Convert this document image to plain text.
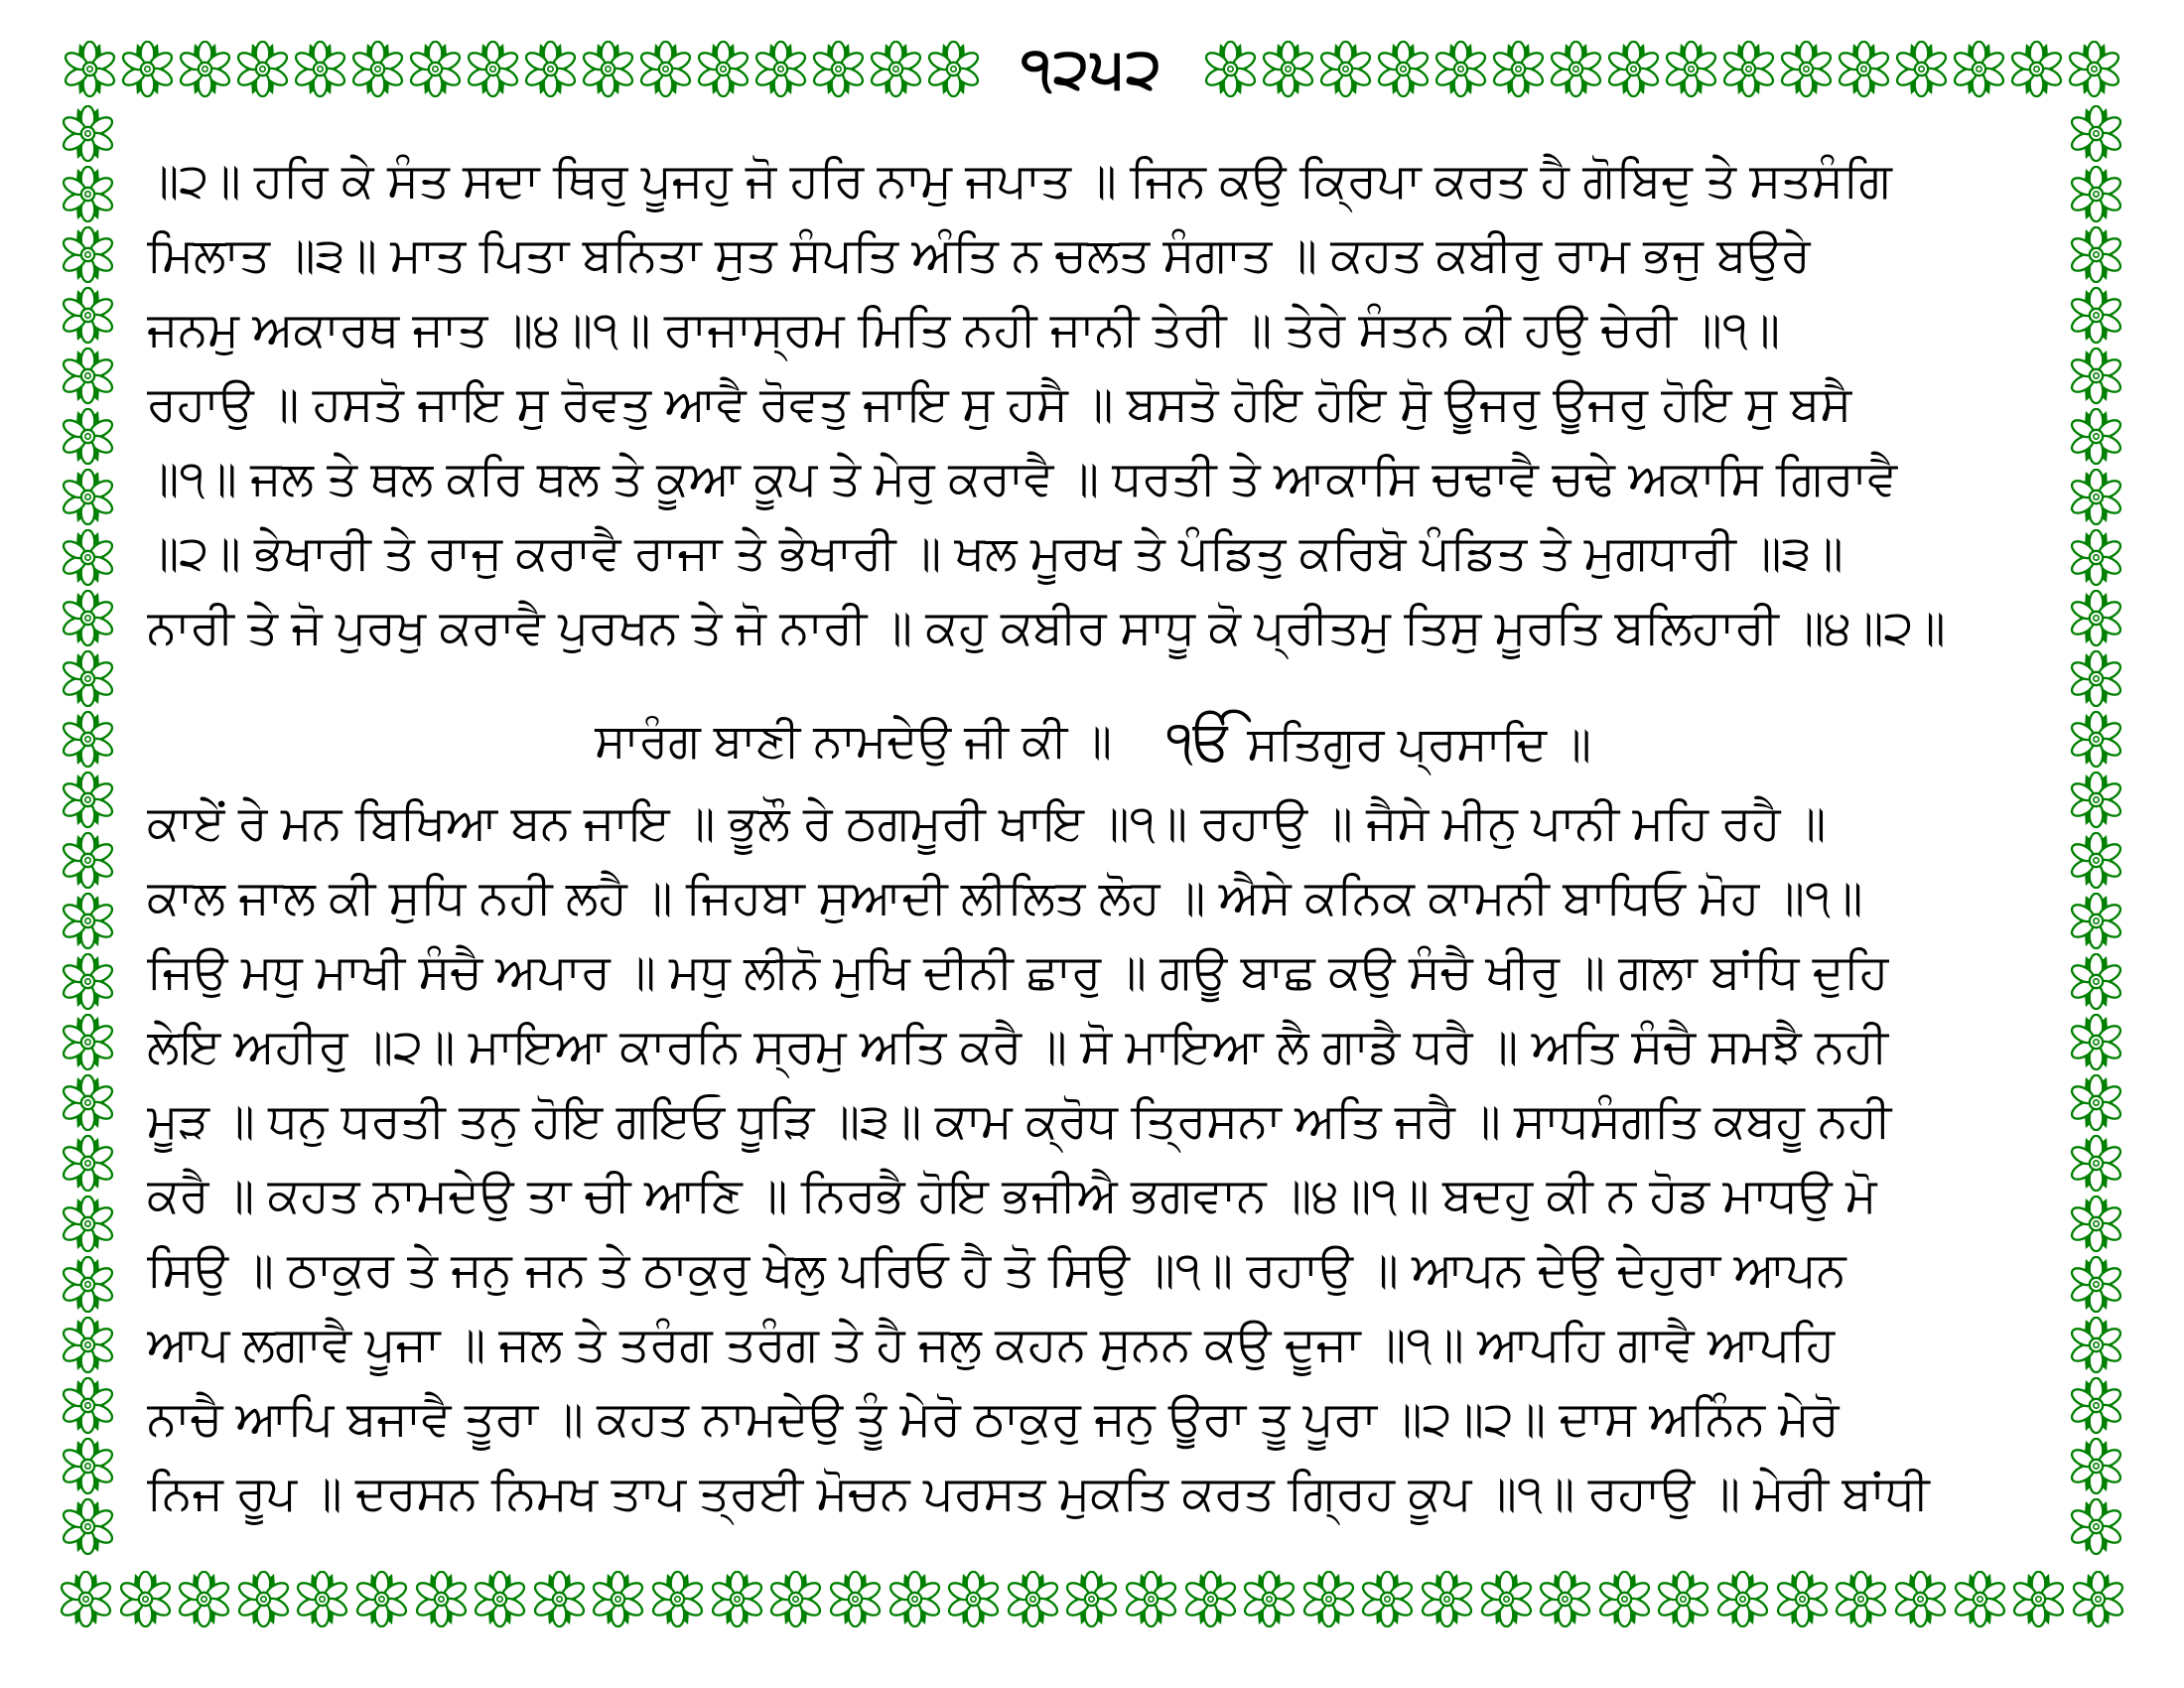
੧੨੫੨
॥੨॥ ਹਰਿ ਕੇ ਸੰਤ ਸਦਾ ਥਿਰੁ ਪੂਜਹੁ ਜੋ ਹਰਿ ਨਾਮੁ ਜਪਾਤ ॥ ਜਿਨ ਕਉ ਕ੍ਰਿਪਾ ਕਰਤ ਹੈ ਗੋਬਿਦੁ ਤੇ ਸਤਸੰਗਿ
ਮਿਲਾਤ ॥੩॥ ਮਾਤ ਪਿਤਾ ਬਨਿਤਾ ਸੁਤ ਸੰਪਤਿ ਅੰਤਿ ਨ ਚਲਤ ਸੰਗਾਤ ॥ ਕਹਤ ਕਬੀਰੁ ਰਾਮ ਭਜੁ ਬਉਰੇ
ਜਨਮੁ ਅਕਾਰਥ ਜਾਤ ॥੪॥੧॥ ਰਾਜਾਸ੍ਰਮ ਮਿਤਿ ਨਹੀ ਜਾਨੀ ਤੇਰੀ ॥ ਤੇਰੇ ਸੰਤਨ ਕੀ ਹਉ ਚੇਰੀ ॥੧॥
ਰਹਾਉ ॥ ਹਸਤੋ ਜਾਇ ਸੁ ਰੋਵਤੁ ਆਵੈ ਰੋਵਤੁ ਜਾਇ ਸੁ ਹਸੈ ॥ ਬਸਤੋ ਹੋਇ ਹੋਇ ਸੋੁ ਊਜਰੁ ਊਜਰੁ ਹੋਇ ਸੁ ਬਸੈ
॥੧॥ ਜਲ ਤੇ ਥਲ ਕਰਿ ਥਲ ਤੇ ਕੂਆ ਕੂਪ ਤੇ ਮੇਰੁ ਕਰਾਵੈ ॥ ਧਰਤੀ ਤੇ ਆਕਾਸਿ ਚਢਾਵੈ ਚਢੇ ਅਕਾਸਿ ਗਿਰਾਵੈ
॥੨॥ ਭੇਖਾਰੀ ਤੇ ਰਾਜੁ ਕਰਾਵੈ ਰਾਜਾ ਤੇ ਭੇਖਾਰੀ ॥ ਖਲ ਮੂਰਖ ਤੇ ਪੰਡਿਤੁ ਕਰਿਬੋ ਪੰਡਿਤ ਤੇ ਮੁਗਧਾਰੀ ॥੩॥
ਨਾਰੀ ਤੇ ਜੋ ਪੁਰਖੁ ਕਰਾਵੈ ਪੁਰਖਨ ਤੇ ਜੋ ਨਾਰੀ ॥ ਕਹੁ ਕਬੀਰ ਸਾਧੂ ਕੋ ਪ੍ਰੀਤਮੁ ਤਿਸੁ ਮੂਰਤਿ ਬਲਿਹਾਰੀ ॥੪॥੨॥
ਸਾਰੰਗ ਬਾਣੀ ਨਾਮਦੇਉ ਜੀ ਕੀ ॥ ੴ ਸਤਿਗੁਰ ਪ੍ਰਸਾਦਿ ॥
ਕਾਏਂ ਰੇ ਮਨ ਬਿਖਿਆ ਬਨ ਜਾਇ ॥ ਭੂਲੌ ਰੇ ਠਗਮੂਰੀ ਖਾਇ ॥੧॥ ਰਹਾਉ ॥ ਜੈਸੇ ਮੀਨੁ ਪਾਨੀ ਮਹਿ ਰਹੈ ॥
ਕਾਲ ਜਾਲ ਕੀ ਸੁਧਿ ਨਹੀ ਲਹੈ ॥ ਜਿਹਬਾ ਸੁਆਦੀ ਲੀਲਿਤ ਲੋਹ ॥ ਐਸੇ ਕਨਿਕ ਕਾਮਨੀ ਬਾਧਿਓ ਮੋਹ ॥੧॥
ਜਿਉ ਮਧੁ ਮਾਖੀ ਸੰਚੈ ਅਪਾਰ ॥ ਮਧੁ ਲੀਨੋ ਮੁਖਿ ਦੀਨੀ ਛਾਰੁ ॥ ਗਊ ਬਾਛ ਕਉ ਸੰਚੈ ਖੀਰੁ ॥ ਗਲਾ ਬਾਂਧਿ ਦੁਹਿ
ਲੇਇ ਅਹੀਰੁ ॥੨॥ ਮਾਇਆ ਕਾਰਨਿ ਸ੍ਰਮੁ ਅਤਿ ਕਰੈ ॥ ਸੋ ਮਾਇਆ ਲੈ ਗਾਡੈ ਧਰੈ ॥ ਅਤਿ ਸੰਚੈ ਸਮਝੈ ਨਹੀ
ਮੂੜ ॥ ਧਨੁ ਧਰਤੀ ਤਨੁ ਹੋਇ ਗਇਓ ਧੂੜਿ ॥੩॥ ਕਾਮ ਕ੍ਰੋਧ ਤ੍ਰਿਸਨਾ ਅਤਿ ਜਰੈ ॥ ਸਾਧਸੰਗਤਿ ਕਬਹੂ ਨਹੀ
ਕਰੈ ॥ ਕਹਤ ਨਾਮਦੇਉ ਤਾ ਚੀ ਆਣਿ ॥ ਨਿਰਭੈ ਹੋਇ ਭਜੀਐ ਭਗਵਾਨ ॥੪॥੧॥ ਬਦਹੁ ਕੀ ਨ ਹੋਡ ਮਾਧਉ ਮੋ
ਸਿਉ ॥ ਠਾਕੁਰ ਤੇ ਜਨੁ ਜਨ ਤੇ ਠਾਕੁਰੁ ਖੇਲੁ ਪਰਿਓ ਹੈ ਤੋ ਸਿਉ ॥੧॥ ਰਹਾਉ ॥ ਆਪਨ ਦੇਉ ਦੇਹੁਰਾ ਆਪਨ
ਆਪ ਲਗਾਵੈ ਪੂਜਾ ॥ ਜਲ ਤੇ ਤਰੰਗ ਤਰੰਗ ਤੇ ਹੈ ਜਲੁ ਕਹਨ ਸੁਨਨ ਕਉ ਦੂਜਾ ॥੧॥ ਆਪਹਿ ਗਾਵੈ ਆਪਹਿ
ਨਾਚੈ ਆਪਿ ਬਜਾਵੈ ਤੂਰਾ ॥ ਕਹਤ ਨਾਮਦੇਉ ਤੂੰ ਮੇਰੋ ਠਾਕੁਰੁ ਜਨੁ ਊਰਾ ਤੂ ਪੂਰਾ ॥੨॥੨॥ ਦਾਸ ਅਨਿੰਨ ਮੇਰੋ
ਨਿਜ ਰੂਪ ॥ ਦਰਸਨ ਨਿਮਖ ਤਾਪ ਤ੍ਰਈ ਮੋਚਨ ਪਰਸਤ ਮੁਕਤਿ ਕਰਤ ਗ੍ਰਿਹ ਕੂਪ ॥੧॥ ਰਹਾਉ ॥ ਮੇਰੀ ਬਾਂਧੀ
